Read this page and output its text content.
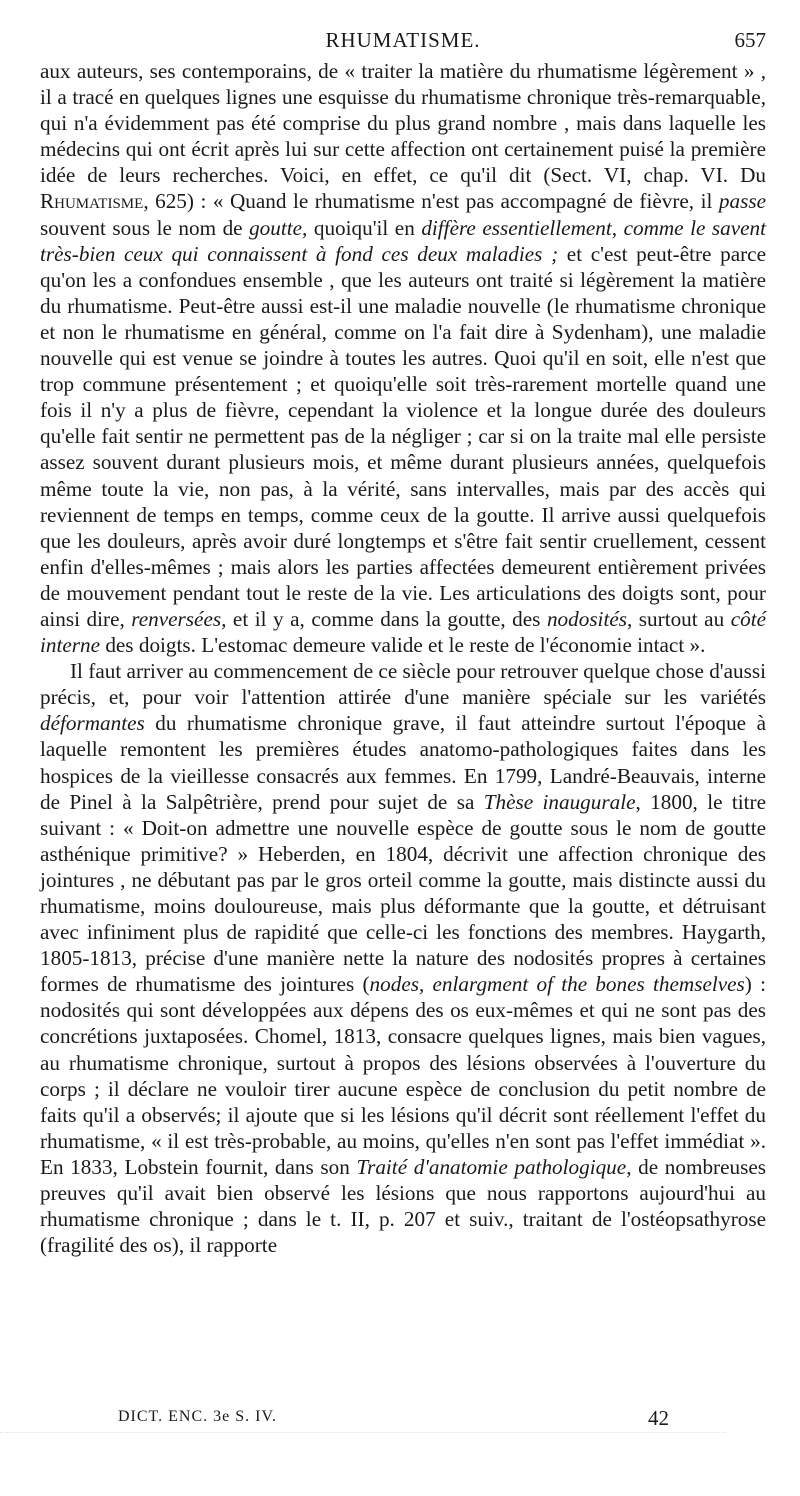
RHUMATISME.	657

aux auteurs, ses contemporains, de « traiter la matière du rhumatisme légèrement » , il a tracé en quelques lignes une esquisse du rhumatisme chronique très-remarquable, qui n'a évidemment pas été comprise du plus grand nombre , mais dans laquelle les médecins qui ont écrit après lui sur cette affection ont certainement puisé la première idée de leurs recherches. Voici, en effet, ce qu'il dit (Sect. VI, chap. VI. Du Rhumatisme, 625) : « Quand le rhumatisme n'est pas accompagné de fièvre, il passe souvent sous le nom de goutte, quoiqu'il en diffère essentiellement, comme le savent très-bien ceux qui connaissent à fond ces deux maladies ; et c'est peut-être parce qu'on les a confondues ensemble , que les auteurs ont traité si légèrement la matière du rhumatisme. Peut-être aussi est-il une maladie nouvelle (le rhumatisme chronique et non le rhumatisme en général, comme on l'a fait dire à Sydenham), une maladie nouvelle qui est venue se joindre à toutes les autres. Quoi qu'il en soit, elle n'est que trop commune présentement ; et quoiqu'elle soit très-rarement mortelle quand une fois il n'y a plus de fièvre, cependant la violence et la longue durée des douleurs qu'elle fait sentir ne permettent pas de la négliger ; car si on la traite mal elle persiste assez souvent durant plusieurs mois, et même durant plusieurs années, quelquefois même toute la vie, non pas, à la vérité, sans intervalles, mais par des accès qui reviennent de temps en temps, comme ceux de la goutte. Il arrive aussi quelquefois que les douleurs, après avoir duré longtemps et s'être fait sentir cruellement, cessent enfin d'elles-mêmes ; mais alors les parties affectées demeurent entièrement privées de mouvement pendant tout le reste de la vie. Les articulations des doigts sont, pour ainsi dire, renversées, et il y a, comme dans la goutte, des nodosités, surtout au côté interne des doigts. L'estomac demeure valide et le reste de l'économie intact ».

Il faut arriver au commencement de ce siècle pour retrouver quelque chose d'aussi précis, et, pour voir l'attention attirée d'une manière spéciale sur les variétés déformantes du rhumatisme chronique grave, il faut atteindre surtout l'époque à laquelle remontent les premières études anatomo-pathologiques faites dans les hospices de la vieillesse consacrés aux femmes. En 1799, Landré-Beauvais, interne de Pinel à la Salpêtrière, prend pour sujet de sa Thèse inaugurale, 1800, le titre suivant : « Doit-on admettre une nouvelle espèce de goutte sous le nom de goutte asthénique primitive? » Heberden, en 1804, décrivit une affection chronique des jointures , ne débutant pas par le gros orteil comme la goutte, mais distincte aussi du rhumatisme, moins douloureuse, mais plus déformante que la goutte, et détruisant avec infiniment plus de rapidité que celle-ci les fonctions des membres. Haygarth, 1805-1813, précise d'une manière nette la nature des nodosités propres à certaines formes de rhumatisme des jointures (nodes, enlargment of the bones themselves) : nodosités qui sont développées aux dépens des os eux-mêmes et qui ne sont pas des concrétions juxtaposées. Chomel, 1813, consacre quelques lignes, mais bien vagues, au rhumatisme chronique, surtout à propos des lésions observées à l'ouverture du corps ; il déclare ne vouloir tirer aucune espèce de conclusion du petit nombre de faits qu'il a observés; il ajoute que si les lésions qu'il décrit sont réellement l'effet du rhumatisme, « il est très-probable, au moins, qu'elles n'en sont pas l'effet immédiat ». En 1833, Lobstein fournit, dans son Traité d'anatomie pathologique, de nombreuses preuves qu'il avait bien observé les lésions que nous rapportons aujourd'hui au rhumatisme chronique ; dans le t. II, p. 207 et suiv., traitant de l'ostéopsathyrose (fragilité des os), il rapporte

DICT. ENC. 3e S. IV.	42
